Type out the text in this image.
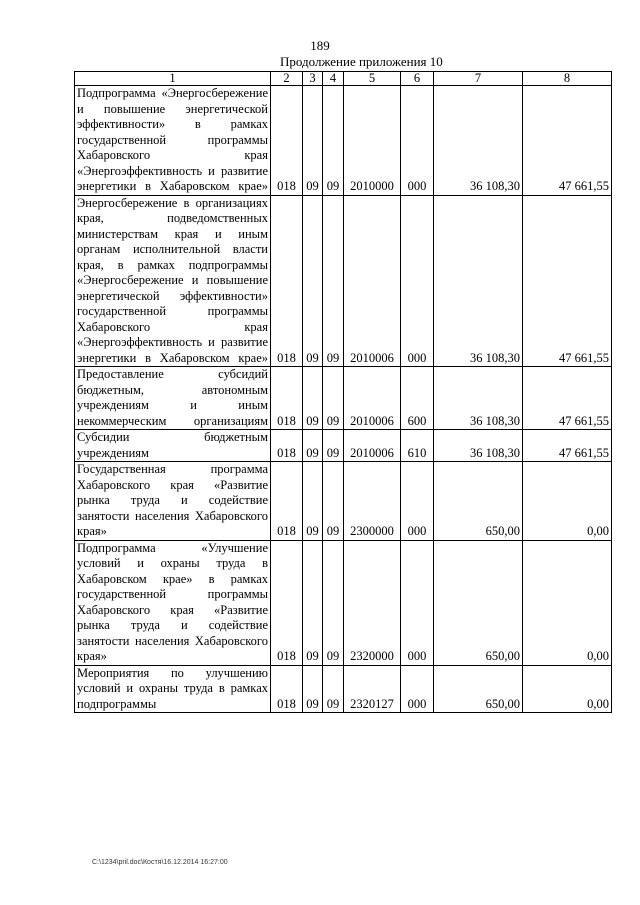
189
Продолжение приложения 10
1	2	3	4	5	6	7	8
Подпрограмма «Энергосбережение и повышение энергетической эффективности» в рамках государственной программы Хабаровского края «Энергоэффективность и развитие энергетики в Хабаровском крае»	018	09	09	2010000	000	36 108,30	47 661,55
Энергосбережение в организациях края, подведомственных министерствам края и иным органам исполнительной власти края, в рамках подпрограммы «Энергосбережение и повышение энергетической эффективности» государственной программы Хабаровского края «Энергоэффективность и развитие энергетики в Хабаровском крае»	018	09	09	2010006	000	36 108,30	47 661,55
Предоставление субсидий бюджетным, автономным учреждениям и иным некоммерческим организациям	018	09	09	2010006	600	36 108,30	47 661,55
Субсидии бюджетным учреждениям	018	09	09	2010006	610	36 108,30	47 661,55
Государственная программа Хабаровского края «Развитие рынка труда и содействие занятости населения Хабаровского края»	018	09	09	2300000	000	650,00	0,00
Подпрограмма «Улучшение условий и охраны труда в Хабаровском крае» в рамках государственной программы Хабаровского края «Развитие рынка труда и содействие занятости населения Хабаровского края»	018	09	09	2320000	000	650,00	0,00
Мероприятия по улучшению условий и охраны труда в рамках подпрограммы	018	09	09	2320127	000	650,00	0,00
C:\1234\pril.doc\Костя\16.12.2014 16:27:00
